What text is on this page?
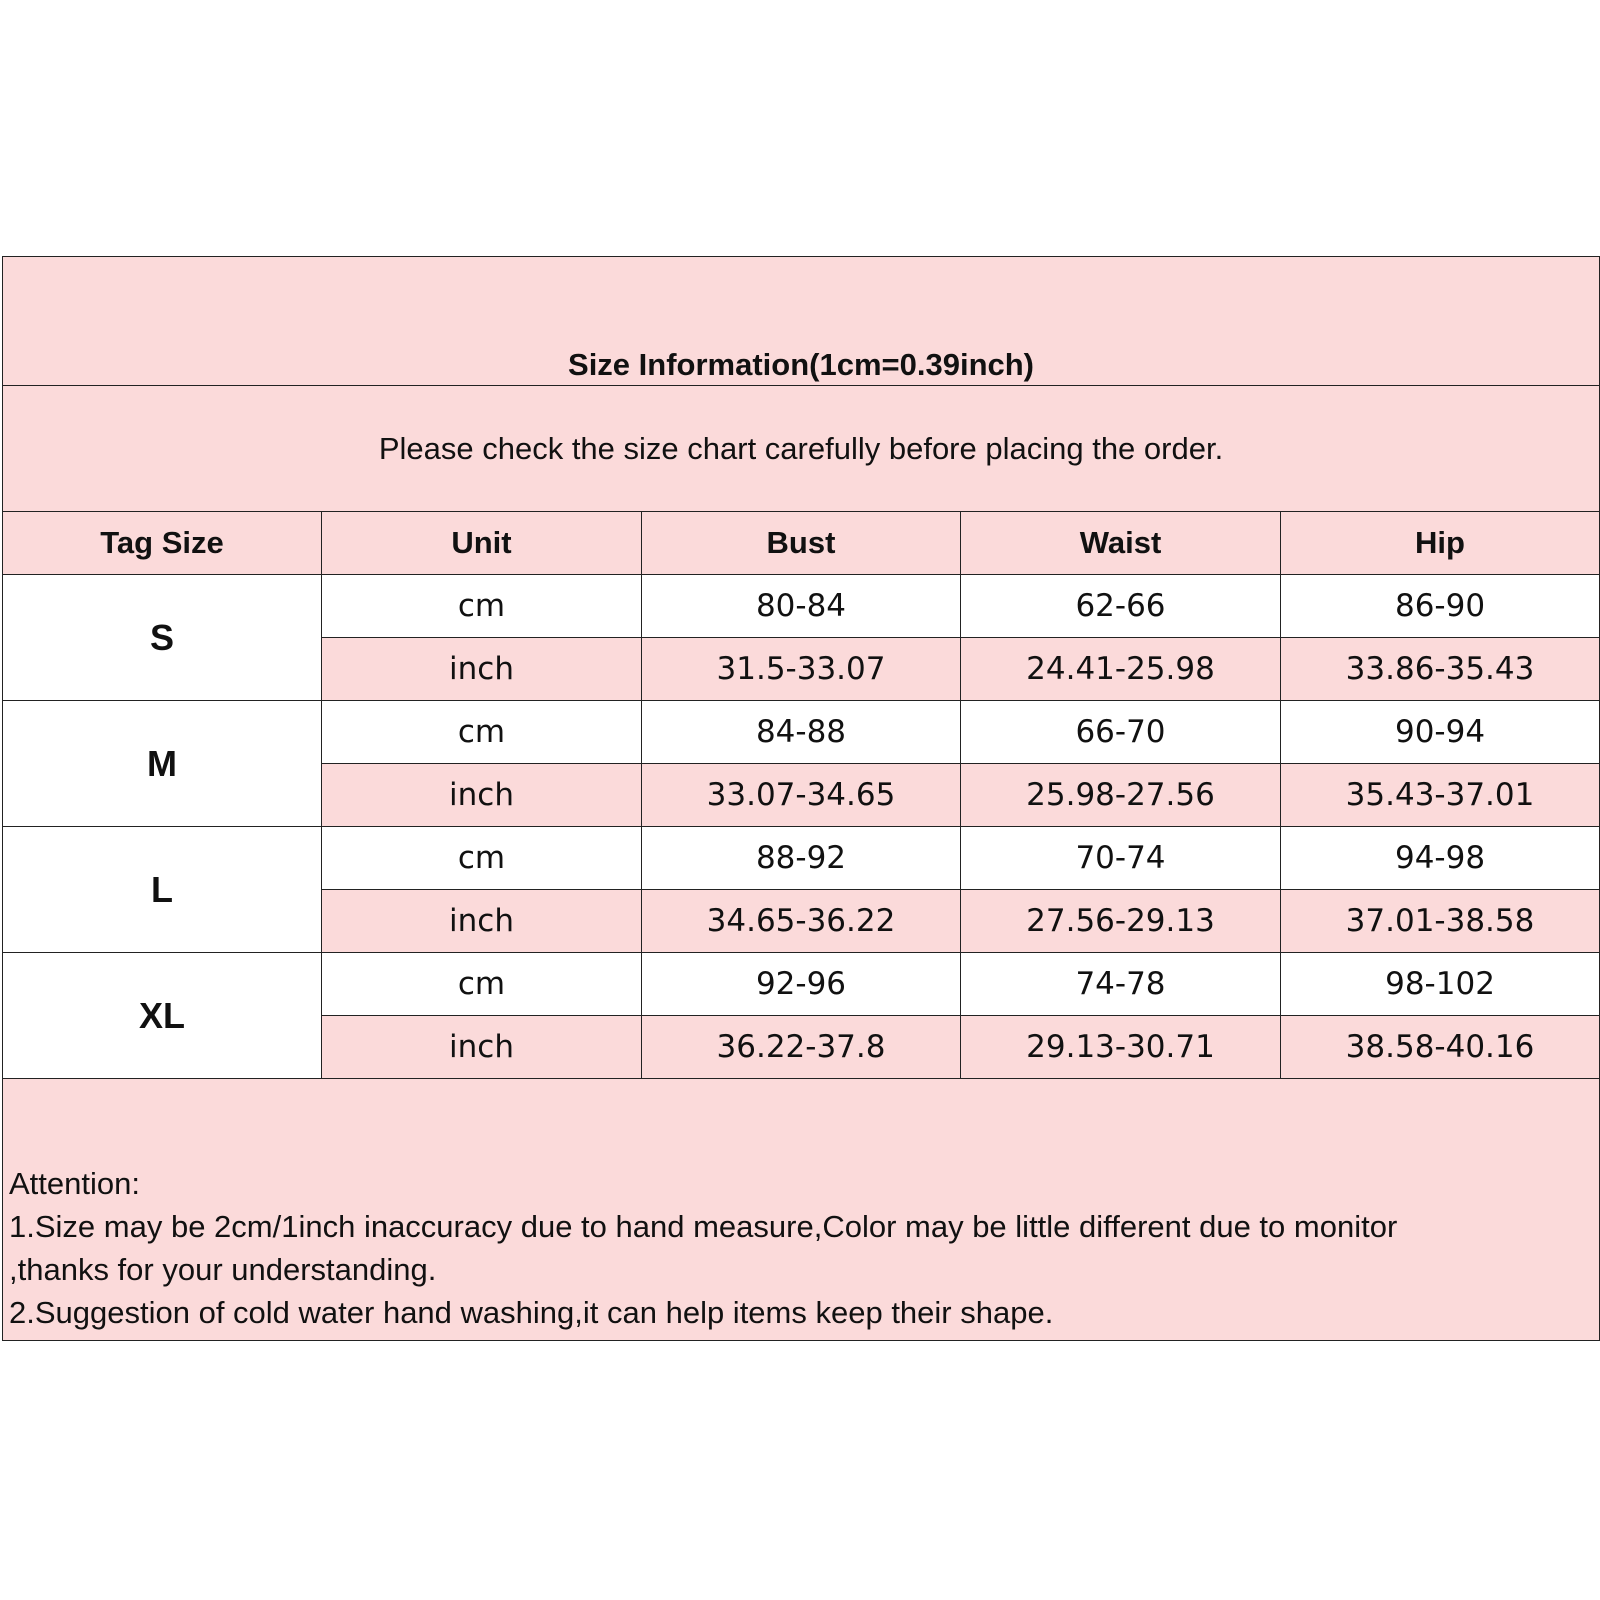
Size Information(1cm=0.39inch)				
Please check the size chart carefully before placing the order.				
Tag Size	Unit	Bust	Waist	Hip
S	cm	80-84	62-66	86-90
	inch	31.5-33.07	24.41-25.98	33.86-35.43
M	cm	84-88	66-70	90-94
	inch	33.07-34.65	25.98-27.56	35.43-37.01
L	cm	88-92	70-74	94-98
	inch	34.65-36.22	27.56-29.13	37.01-38.58
XL	cm	92-96	74-78	98-102
	inch	36.22-37.8	29.13-30.71	38.58-40.16

Attention:
1.Size may be 2cm/1inch inaccuracy due to hand measure,Color may be little different due to monitor
,thanks for your understanding.
2.Suggestion of cold water hand washing,it can help items keep their shape.				
